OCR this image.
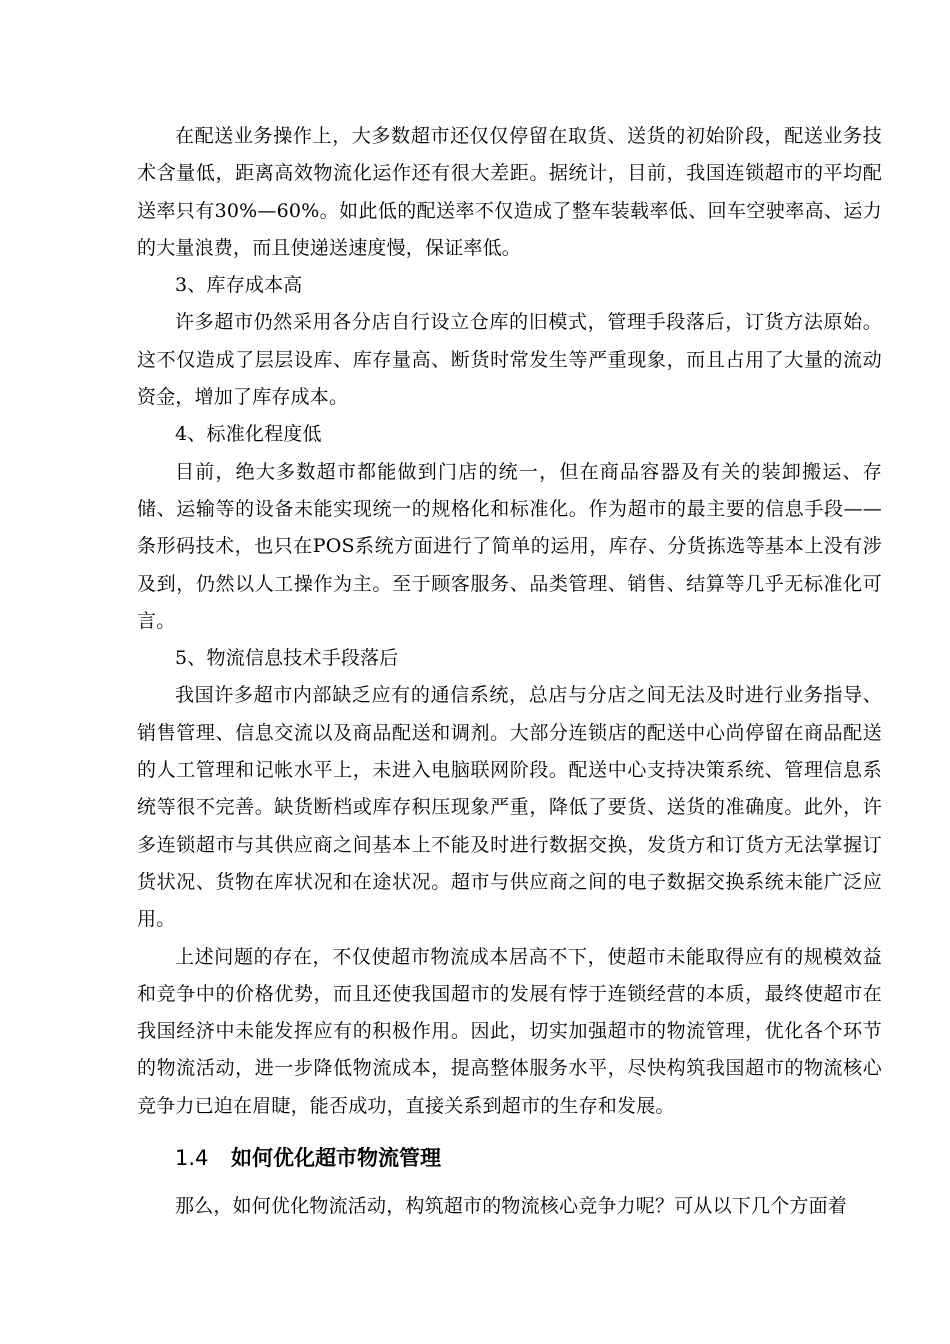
在配送业务操作上，大多数超市还仅仅停留在取货、送货的初始阶段，配送业务技术含量低，距离高效物流化运作还有很大差距。据统计，目前，我国连锁超市的平均配送率只有30%—60%。如此低的配送率不仅造成了整车装载率低、回车空驶率高、运力的大量浪费，而且使递送速度慢，保证率低。

3、库存成本高

许多超市仍然采用各分店自行设立仓库的旧模式，管理手段落后，订货方法原始。这不仅造成了层层设库、库存量高、断货时常发生等严重现象，而且占用了大量的流动资金，增加了库存成本。

4、标准化程度低

目前，绝大多数超市都能做到门店的统一，但在商品容器及有关的装卸搬运、存储、运输等的设备未能实现统一的规格化和标准化。作为超市的最主要的信息手段——条形码技术，也只在POS系统方面进行了简单的运用，库存、分货拣选等基本上没有涉及到，仍然以人工操作为主。至于顾客服务、品类管理、销售、结算等几乎无标准化可言。

5、物流信息技术手段落后

我国许多超市内部缺乏应有的通信系统，总店与分店之间无法及时进行业务指导、销售管理、信息交流以及商品配送和调剂。大部分连锁店的配送中心尚停留在商品配送的人工管理和记帐水平上，未进入电脑联网阶段。配送中心支持决策系统、管理信息系统等很不完善。缺货断档或库存积压现象严重，降低了要货、送货的准确度。此外，许多连锁超市与其供应商之间基本上不能及时进行数据交换，发货方和订货方无法掌握订货状况、货物在库状况和在途状况。超市与供应商之间的电子数据交换系统未能广泛应用。

上述问题的存在，不仅使超市物流成本居高不下，使超市未能取得应有的规模效益和竞争中的价格优势，而且还使我国超市的发展有悖于连锁经营的本质，最终使超市在我国经济中未能发挥应有的积极作用。因此，切实加强超市的物流管理，优化各个环节的物流活动，进一步降低物流成本，提高整体服务水平，尽快构筑我国超市的物流核心竞争力已迫在眉睫，能否成功，直接关系到超市的生存和发展。

1.4 如何优化超市物流管理

那么，如何优化物流活动，构筑超市的物流核心竞争力呢？可从以下几个方面着
